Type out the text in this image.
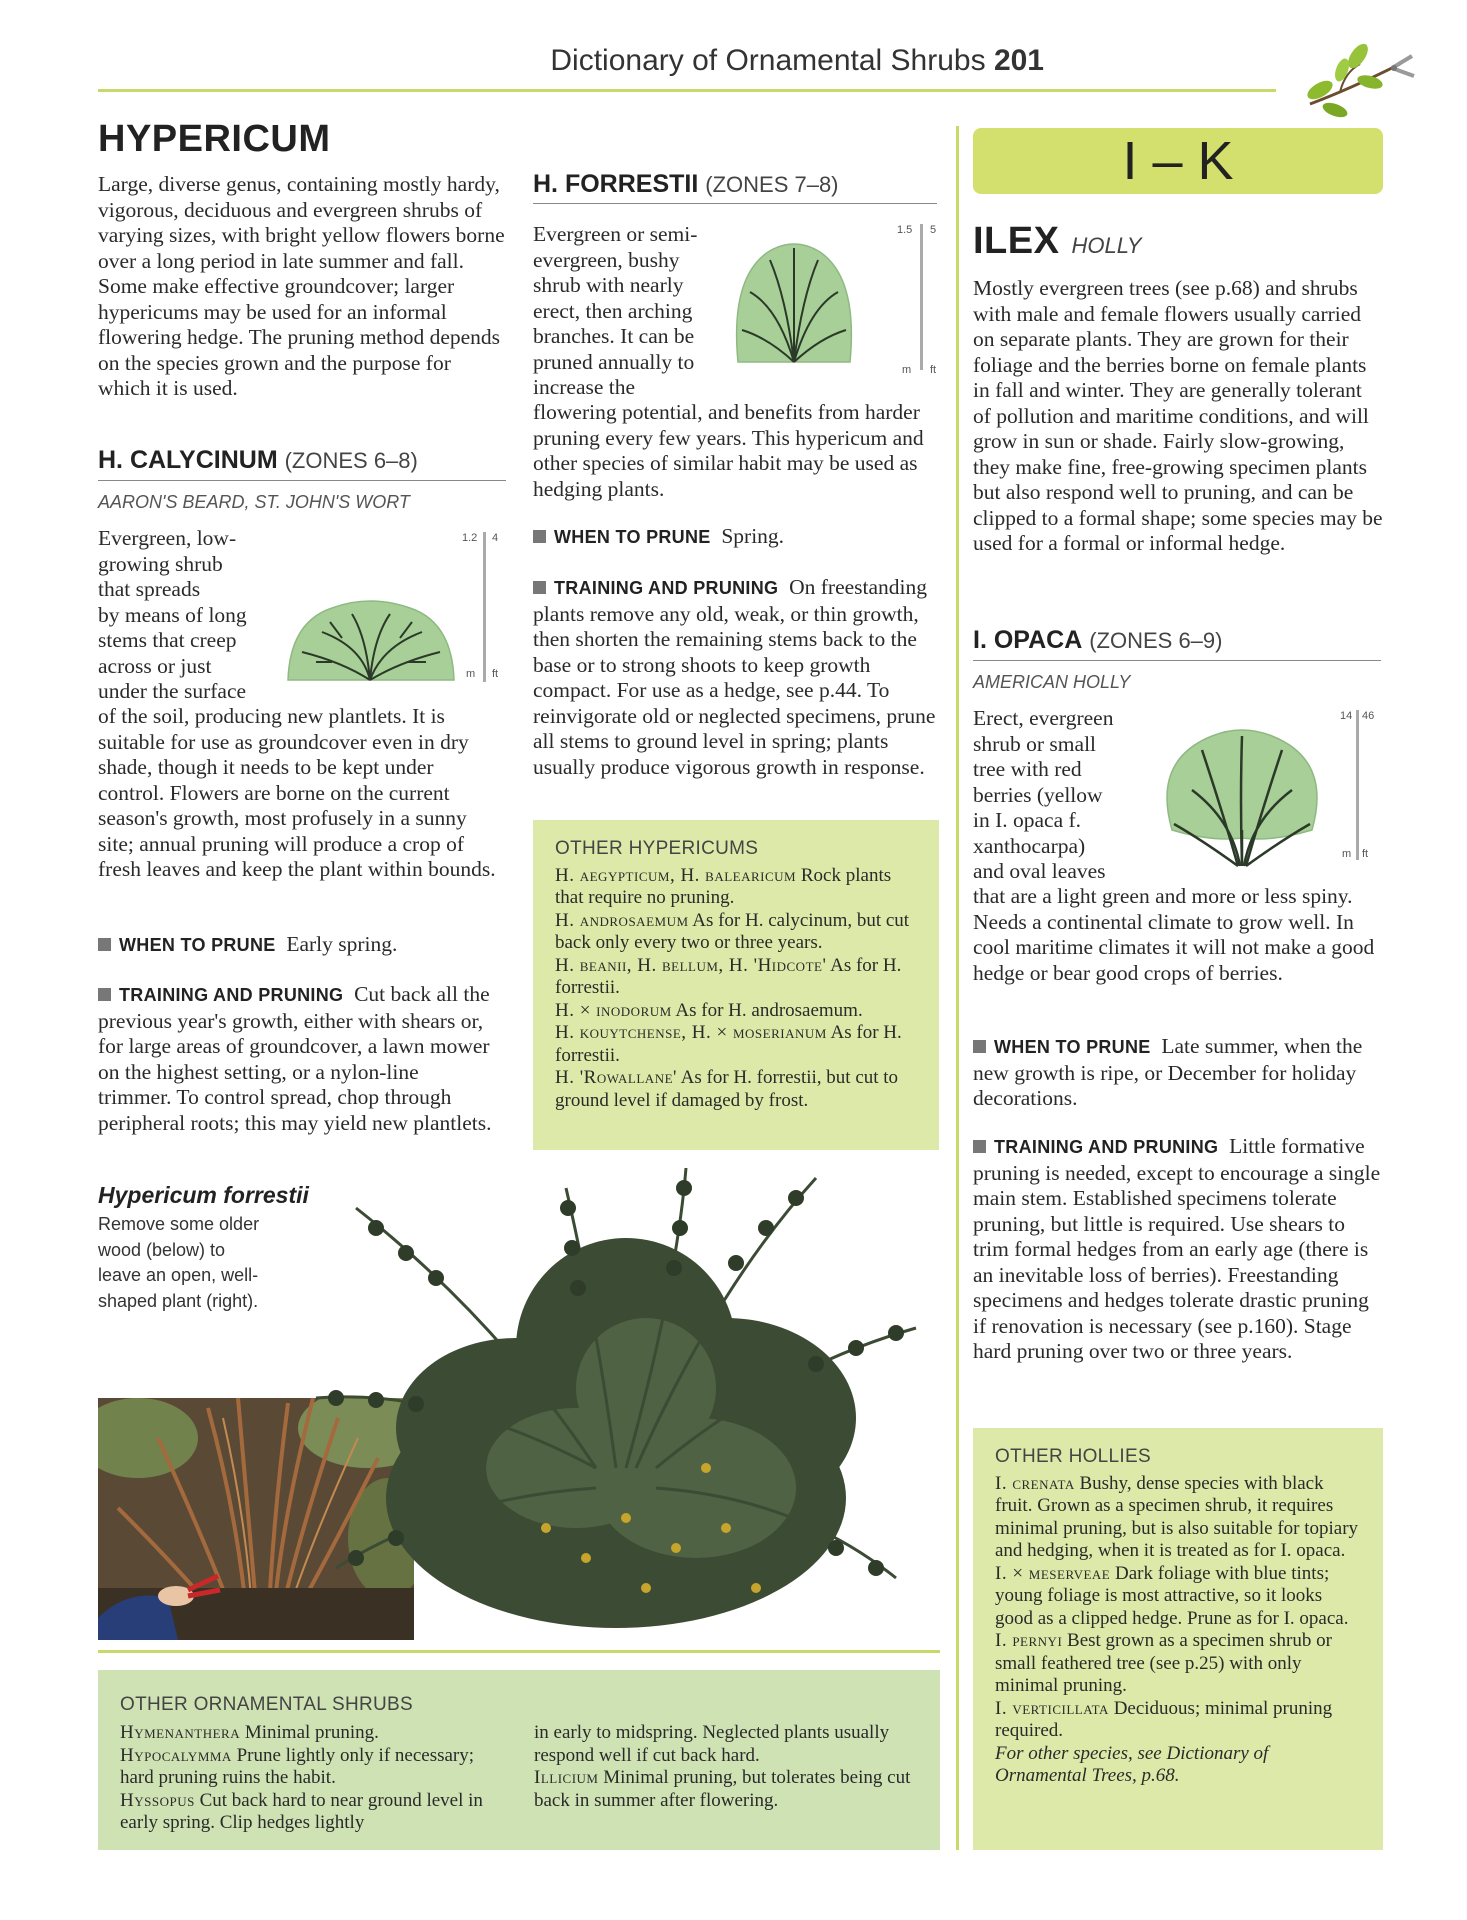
Dictionary of Ornamental Shrubs 201
HYPERICUM

Large, diverse genus, containing mostly hardy, vigorous, deciduous and evergreen shrubs of varying sizes, with bright yellow flowers borne over a long period in late summer and fall. Some make effective groundcover; larger hypericums may be used for an informal flowering hedge. The pruning method depends on the species grown and the purpose for which it is used.

H. CALYCINUM (ZONES 6–8)
AARON'S BEARD, ST. JOHN'S WORT
Evergreen, low-
growing shrub
that spreads
by means of long
stems that creep
across or just
under the surface
1.2 4
m ft

of the soil, producing new plantlets. It is suitable for use as groundcover even in dry shade, though it needs to be kept under control. Flowers are borne on the current season's growth, most profusely in a sunny site; annual pruning will produce a crop of fresh leaves and keep the plant within bounds.

WHEN TO PRUNE Early spring.
TRAINING AND PRUNING Cut back all the previous year's growth, either with shears or, for large areas of groundcover, a lawn mower on the highest setting, or a nylon-line trimmer. To control spread, chop through peripheral roots; this may yield new plantlets.
Hypericum forrestii

Remove some older wood (below) to leave an open, well-shaped plant (right).

H. FORRESTII (ZONES 7–8)
Evergreen or semi-
evergreen, bushy
shrub with nearly
erect, then arching
branches. It can be
pruned annually to
increase the
1.5 5
m ft

flowering potential, and benefits from harder pruning every few years. This hypericum and other species of similar habit may be used as hedging plants.

WHEN TO PRUNE Spring.
TRAINING AND PRUNING On freestanding plants remove any old, weak, or thin growth, then shorten the remaining stems back to the base or to strong shoots to keep growth compact. For use as a hedge, see p.44. To reinvigorate old or neglected specimens, prune all stems to ground level in spring; plants usually produce vigorous growth in response.
OTHER HYPERICUMS
H. aegypticum, H. balearicum Rock plants that require no pruning.
H. androsaemum As for H. calycinum, but cut back only every two or three years.
H. beanii, H. bellum, H. 'Hidcote' As for H. forrestii.
H. × inodorum As for H. androsaemum.
H. kouytchense, H. × moserianum As for H. forrestii.
H. 'Rowallane' As for H. forrestii, but cut to ground level if damaged by frost.
OTHER ORNAMENTAL SHRUBS
Hymenanthera Minimal pruning.
Hypocalymma Prune lightly only if necessary; hard pruning ruins the habit.
Hyssopus Cut back hard to near ground level in early spring. Clip hedges lightly
in early to midspring. Neglected plants usually respond well if cut back hard.
Illicium Minimal pruning, but tolerates being cut back in summer after flowering.
I – K
ILEX HOLLY

Mostly evergreen trees (see p.68) and shrubs with male and female flowers usually carried on separate plants. They are grown for their foliage and the berries borne on female plants in fall and winter. They are generally tolerant of pollution and maritime conditions, and will grow in sun or shade. Fairly slow-growing, they make fine, free-growing specimen plants but also respond well to pruning, and can be clipped to a formal shape; some species may be used for a formal or informal hedge.

I. OPACA (ZONES 6–9)
AMERICAN HOLLY
Erect, evergreen
shrub or small
tree with red
berries (yellow
in I. opaca f.
xanthocarpa)
and oval leaves
14 46
m ft

that are a light green and more or less spiny. Needs a continental climate to grow well. In cool maritime climates it will not make a good hedge or bear good crops of berries.

WHEN TO PRUNE Late summer, when the new growth is ripe, or December for holiday decorations.
TRAINING AND PRUNING Little formative pruning is needed, except to encourage a single main stem. Established specimens tolerate pruning, but little is required. Use shears to trim formal hedges from an early age (there is an inevitable loss of berries). Freestanding specimens and hedges tolerate drastic pruning if renovation is necessary (see p.160). Stage hard pruning over two or three years.
OTHER HOLLIES
I. crenata Bushy, dense species with black fruit. Grown as a specimen shrub, it requires minimal pruning, but is also suitable for topiary and hedging, when it is treated as for I. opaca.
I. × meserveae Dark foliage with blue tints; young foliage is most attractive, so it looks good as a clipped hedge. Prune as for I. opaca.
I. pernyi Best grown as a specimen shrub or small feathered tree (see p.25) with only minimal pruning.
I. verticillata Deciduous; minimal pruning required.
For other species, see Dictionary of Ornamental Trees, p.68.
